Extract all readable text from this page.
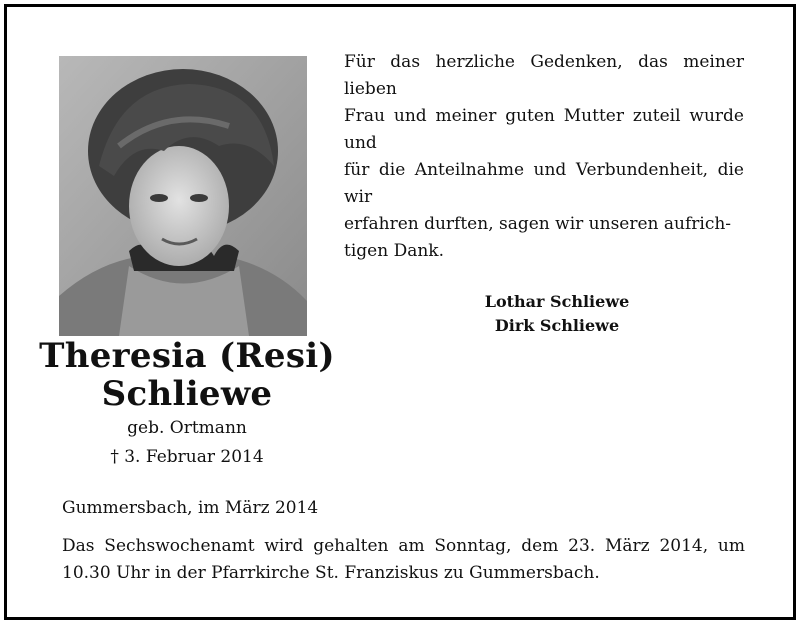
Theresia (Resi)
Schliewe
geb. Ortmann
† 3. Februar 2014
Für das herzliche Gedenken, das meiner lieben
Frau und meiner guten Mutter zuteil wurde und
für die Anteilnahme und Verbundenheit, die wir
erfahren durften, sagen wir unseren aufrich-
tigen Dank.
Lothar Schliewe
Dirk Schliewe
Gummersbach, im März 2014
Das Sechswochenamt wird gehalten am Sonntag, dem 23. März 2014, um 10.30 Uhr in der Pfarrkirche St. Franziskus zu Gummersbach.
